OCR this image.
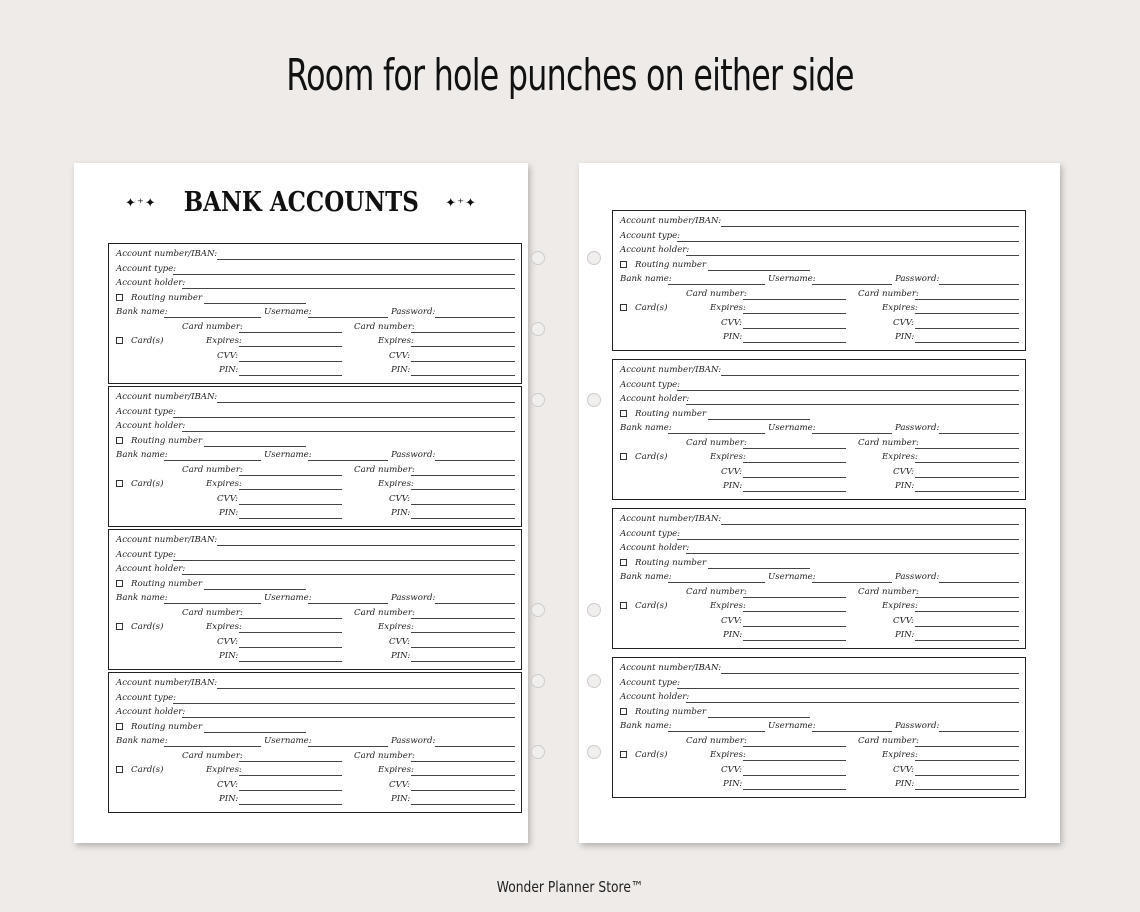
Room for hole punches on either side
✦⁺✦ BANK ACCOUNTS ✦⁺✦
Account number/IBAN:
Account type:
Account holder:
Routing number
Bank name:	Username:	Password:
Card number:	Card number:
Card(s)	Expires:	Expires:
CVV:	CVV:
PIN:	PIN:
Account number/IBAN:
Account type:
Account holder:
Routing number
Bank name:	Username:	Password:
Card number:	Card number:
Card(s)	Expires:	Expires:
CVV:	CVV:
PIN:	PIN:
Account number/IBAN:
Account type:
Account holder:
Routing number
Bank name:	Username:	Password:
Card number:	Card number:
Card(s)	Expires:	Expires:
CVV:	CVV:
PIN:	PIN:
Account number/IBAN:
Account type:
Account holder:
Routing number
Bank name:	Username:	Password:
Card number:	Card number:
Card(s)	Expires:	Expires:
CVV:	CVV:
PIN:	PIN:
Account number/IBAN:
Account type:
Account holder:
Routing number
Bank name:	Username:	Password:
Card number:	Card number:
Card(s)	Expires:	Expires:
CVV:	CVV:
PIN:	PIN:
Account number/IBAN:
Account type:
Account holder:
Routing number
Bank name:	Username:	Password:
Card number:	Card number:
Card(s)	Expires:	Expires:
CVV:	CVV:
PIN:	PIN:
Account number/IBAN:
Account type:
Account holder:
Routing number
Bank name:	Username:	Password:
Card number:	Card number:
Card(s)	Expires:	Expires:
CVV:	CVV:
PIN:	PIN:
Account number/IBAN:
Account type:
Account holder:
Routing number
Bank name:	Username:	Password:
Card number:	Card number:
Card(s)	Expires:	Expires:
CVV:	CVV:
PIN:	PIN:
Wonder Planner Store™
